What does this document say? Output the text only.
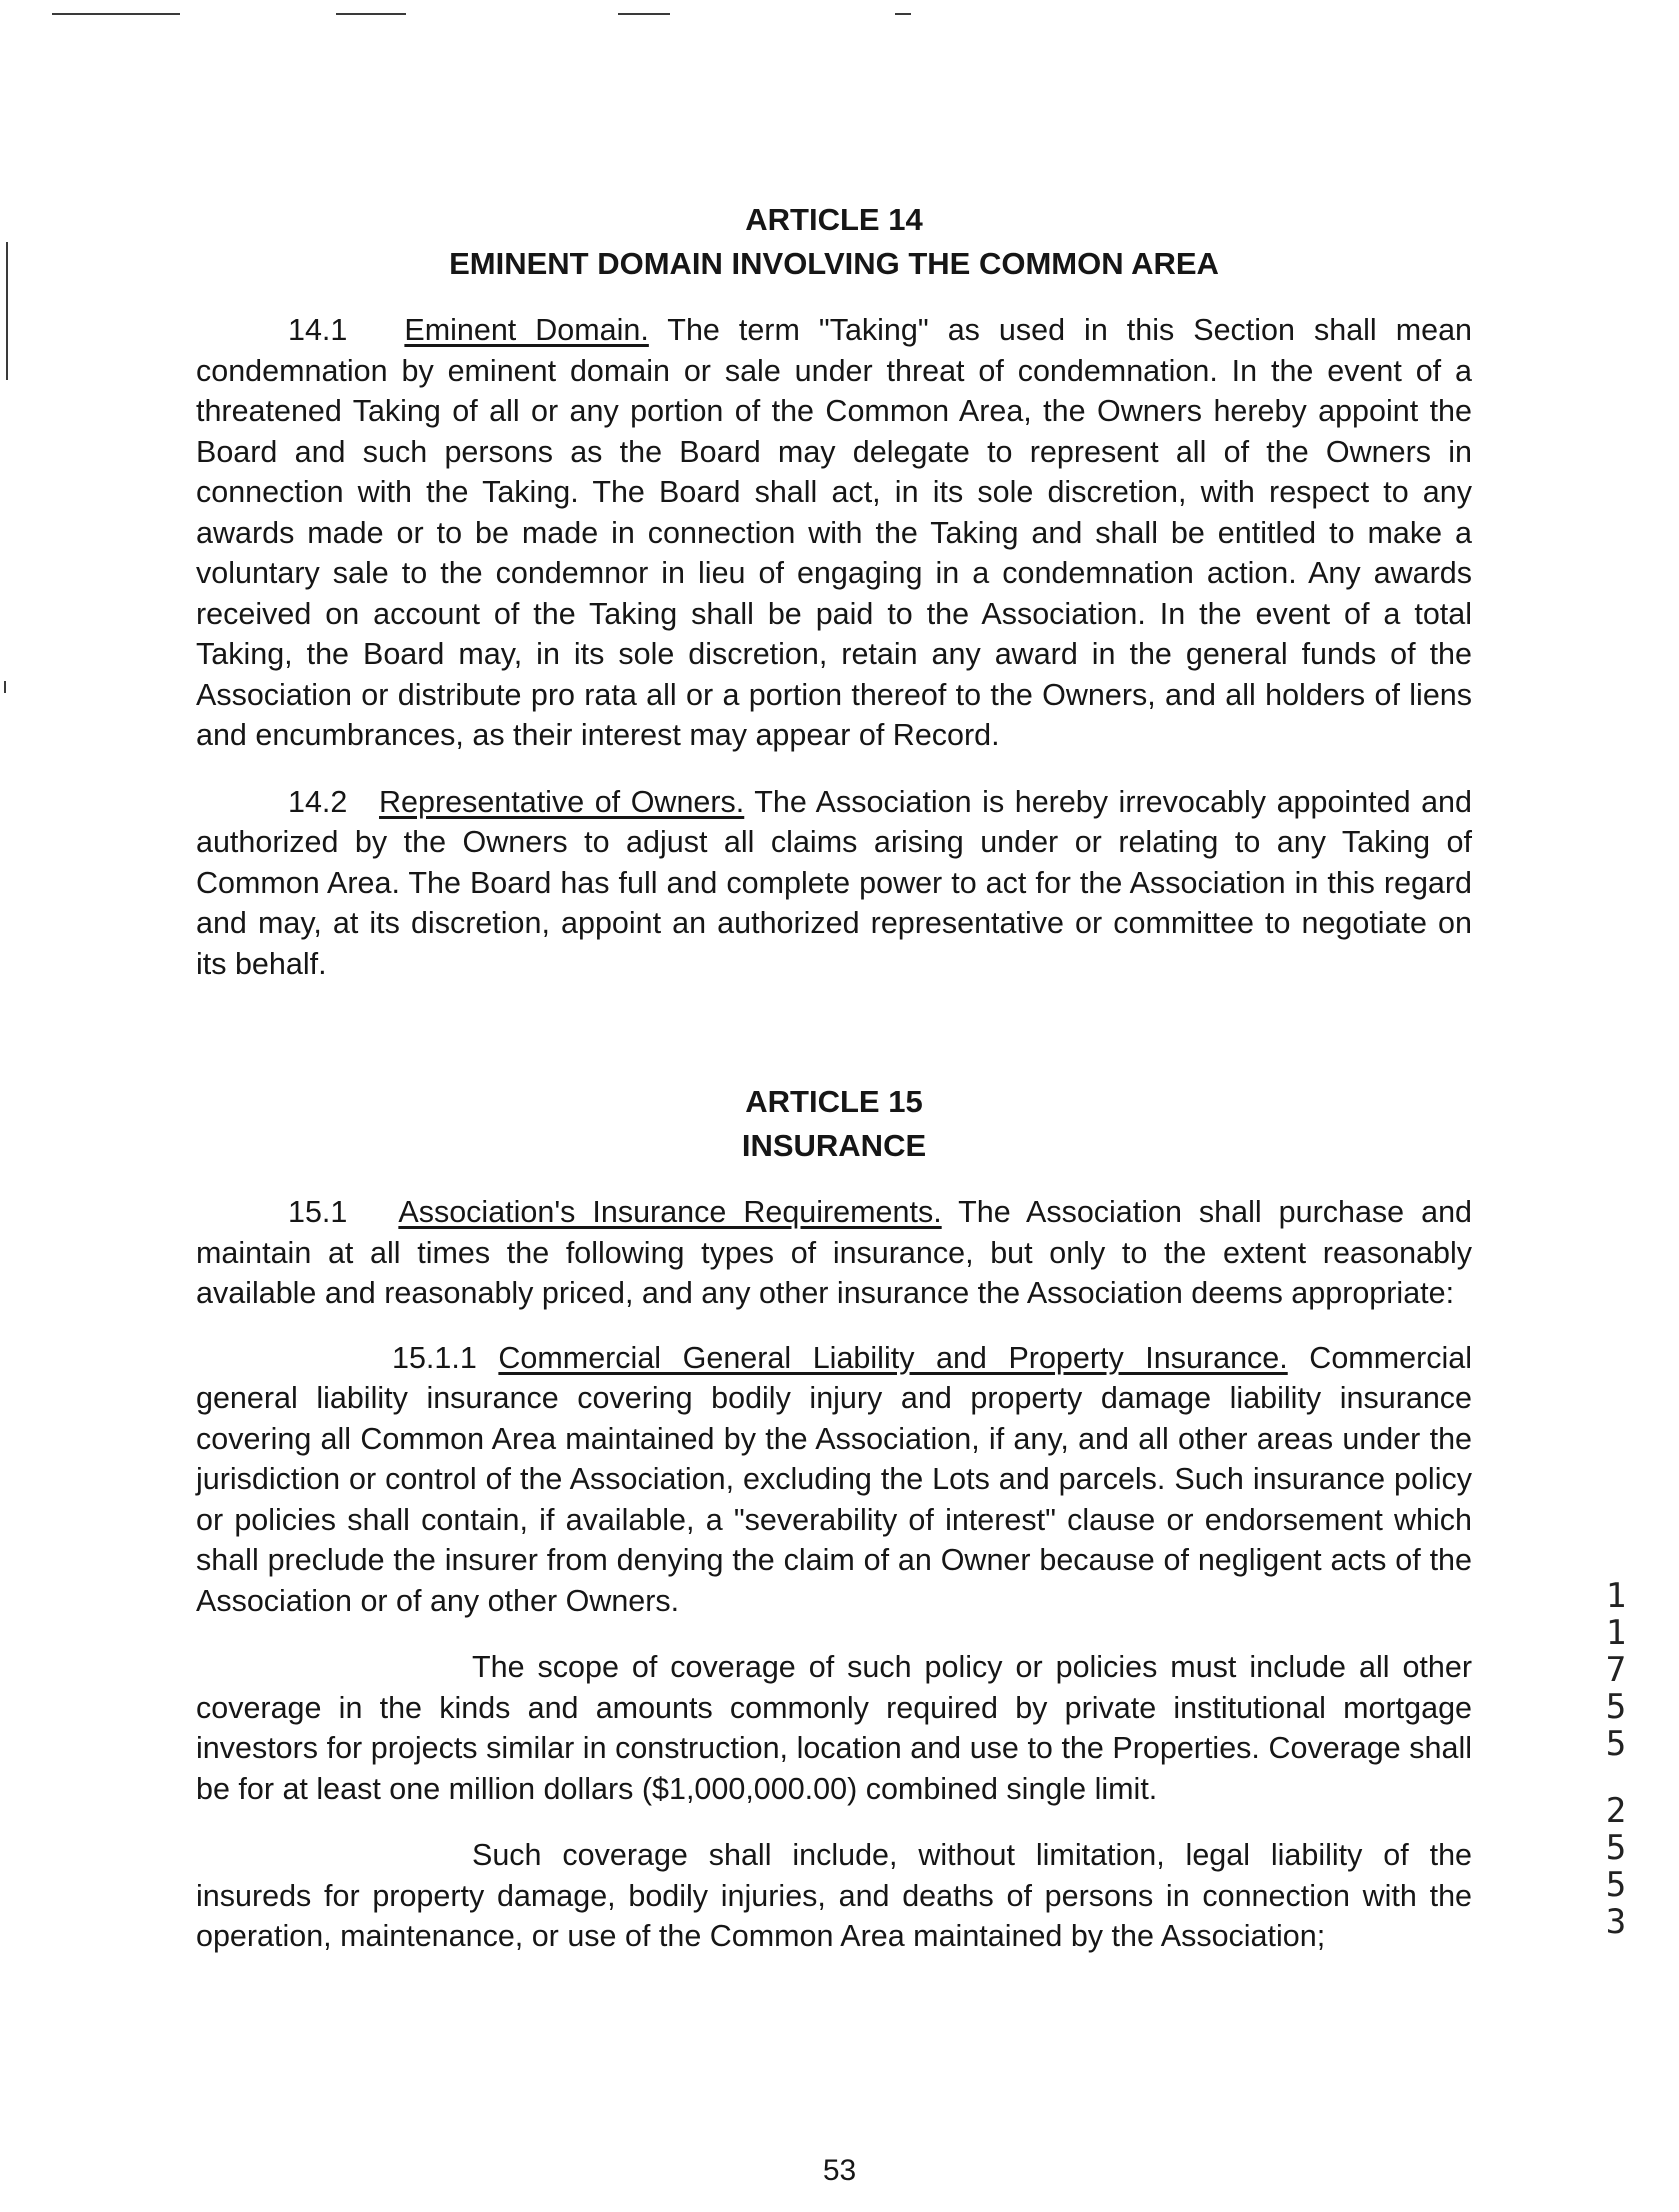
ARTICLE 14
EMINENT DOMAIN INVOLVING THE COMMON AREA

14.1 Eminent Domain. The term "Taking" as used in this Section shall mean condemnation by eminent domain or sale under threat of condemnation. In the event of a threatened Taking of all or any portion of the Common Area, the Owners hereby appoint the Board and such persons as the Board may delegate to represent all of the Owners in connection with the Taking. The Board shall act, in its sole discretion, with respect to any awards made or to be made in connection with the Taking and shall be entitled to make a voluntary sale to the condemnor in lieu of engaging in a condemnation action. Any awards received on account of the Taking shall be paid to the Association. In the event of a total Taking, the Board may, in its sole discretion, retain any award in the general funds of the Association or distribute pro rata all or a portion thereof to the Owners, and all holders of liens and encumbrances, as their interest may appear of Record.

14.2 Representative of Owners. The Association is hereby irrevocably appointed and authorized by the Owners to adjust all claims arising under or relating to any Taking of Common Area. The Board has full and complete power to act for the Association in this regard and may, at its discretion, appoint an authorized representative or committee to negotiate on its behalf.

ARTICLE 15
INSURANCE

15.1 Association's Insurance Requirements. The Association shall purchase and maintain at all times the following types of insurance, but only to the extent reasonably available and reasonably priced, and any other insurance the Association deems appropriate:

15.1.1 Commercial General Liability and Property Insurance. Commercial general liability insurance covering bodily injury and property damage liability insurance covering all Common Area maintained by the Association, if any, and all other areas under the jurisdiction or control of the Association, excluding the Lots and parcels. Such insurance policy or policies shall contain, if available, a "severability of interest" clause or endorsement which shall preclude the insurer from denying the claim of an Owner because of negligent acts of the Association or of any other Owners.

The scope of coverage of such policy or policies must include all other coverage in the kinds and amounts commonly required by private institutional mortgage investors for projects similar in construction, location and use to the Properties. Coverage shall be for at least one million dollars ($1,000,000.00) combined single limit.

Such coverage shall include, without limitation, legal liability of the insureds for property damage, bodily injuries, and deaths of persons in connection with the operation, maintenance, or use of the Common Area maintained by the Association;

11755
2553

53
